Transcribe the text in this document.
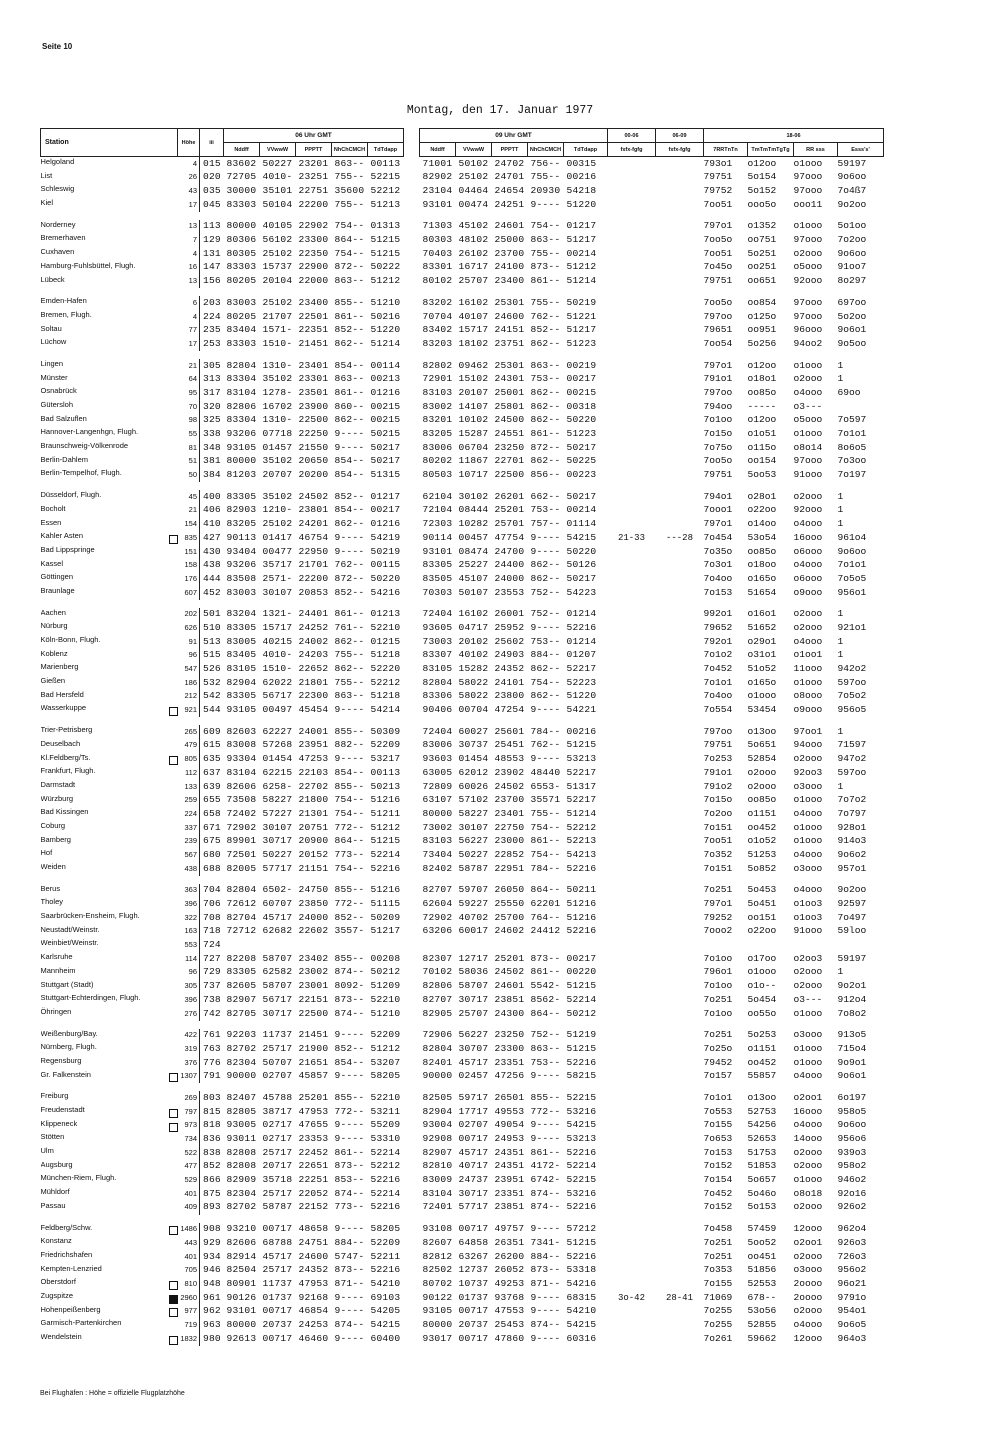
Seite 10
Montag, den 17. Januar 1977
Station	Höhe	iii	06 Uhr GMT						09 Uhr GMT					00-06	06-09	18-06			
			Nddff	VVwwW	PPPTT	NhChCMCH	TdTdapp		Nddff	VVwwW	PPPTT	NhChCMCH	TdTdapp	fxfx-fgfg	fxfx-fgfg	7RRTnTn	TmTmTmTgTg	RR sss	Esss's'
Helgoland	4	015	83602	50227	23201	863--	00113		71001	50102	24702	756--	00315			793o1	o12oo	o1ooo	59197
List	26	020	72705	4010-	23251	755--	52215		82902	25102	24701	755--	00216			79751	5o154	97ooo	9o6oo
Schleswig	43	035	30000	35101	22751	35600	52212		23104	04464	24654	20930	54218			79752	5o152	97ooo	7o4ß7
Kiel	17	045	83303	50104	22200	755--	51213		93101	00474	24251	9----	51220			7oo51	ooo5o	ooo11	9o2oo

Norderney	13	113	80000	40105	22902	754--	01313		71303	45102	24601	754--	01217			797o1	o1352	o1ooo	5o1oo
Bremerhaven	7	129	80306	56102	23300	864--	51215		80303	48102	25000	863--	51217			7oo5o	oo751	97ooo	7o2oo
Cuxhaven	4	131	80305	25102	22350	754--	51215		70403	26102	23700	755--	00214			7oo51	5o251	o2ooo	9o6oo
Hamburg-Fuhlsbüttel, Flugh.	16	147	83303	15737	22900	872--	50222		83301	16717	24100	873--	51212			7o45o	oo251	o5ooo	91oo7
Lübeck	13	156	80205	20104	22000	863--	51212		80102	25707	23400	861--	51214			79751	oo651	92ooo	8o297

Emden-Hafen	6	203	83003	25102	23400	855--	51210		83202	16102	25301	755--	50219			7oo5o	oo854	97ooo	697oo
Bremen, Flugh.	4	224	80205	21707	22501	861--	50216		70704	40107	24600	762--	51221			797oo	o125o	97ooo	5o2oo
Soltau	77	235	83404	1571-	22351	852--	51220		83402	15717	24151	852--	51217			79651	oo951	96ooo	9o6o1
Lüchow	17	253	83303	1510-	21451	862--	51214		83203	18102	23751	862--	51223			7oo54	5o256	94oo2	9o5oo

Lingen	21	305	82804	1310-	23401	854--	00114		82802	09462	25301	863--	00219			797o1	o12oo	o1ooo	1
Münster	64	313	83304	35102	23301	863--	00213		72901	15102	24301	753--	00217			791o1	o18o1	o2ooo	1
Osnabrück	95	317	83104	1278-	23501	861--	01216		83103	20107	25001	862--	00215			797oo	oo85o	o4ooo	69oo
Gütersloh	70	320	82806	16702	23900	860--	00215		83002	14107	25801	862--	00318			794oo	-----	o3---	
Bad Salzuflen	98	325	83304	1310-	22500	862--	00215		83201	10102	24500	862--	50220			7o1oo	o12oo	o5ooo	7o597
Hannover-Langenhgn, Flugh.	55	338	93206	07718	22250	9----	50215		83205	15287	24551	861--	51223			7o15o	o1o51	o1ooo	7o1o1
Braunschweig-Völkenrode	81	348	93105	01457	21550	9----	50217		83006	06704	23250	872--	50217			7o75o	o115o	o8o14	8o6o5
Berlin-Dahlem	51	381	80000	35102	20650	854--	50217		80202	11867	22701	862--	50225			7oo5o	oo154	97ooo	7o3oo
Berlin-Tempelhof, Flugh.	50	384	81203	20707	20200	854--	51315		80503	10717	22500	856--	00223			79751	5oo53	91ooo	7o197

Düsseldorf, Flugh.	45	400	83305	35102	24502	852--	01217		62104	30102	26201	662--	50217			794o1	o28o1	o2ooo	1
Bocholt	21	406	82903	1210-	23801	854--	00217		72104	08444	25201	753--	00214			7ooo1	o22oo	92ooo	1
Essen	154	410	83205	25102	24201	862--	01216		72303	10282	25701	757--	01114			797o1	o14oo	o4ooo	1
Kahler Asten	835	427	90113	01417	46754	9----	54219		90114	00457	47754	9----	54215	21-33	---28	7o454	53o54	16ooo	961o4
Bad Lippspringe	151	430	93404	00477	22950	9----	50219		93101	08474	24700	9----	50220			7o35o	oo85o	o6ooo	9o6oo
Kassel	158	438	93206	35717	21701	762--	00115		83305	25227	24400	862--	50126			7o3o1	o18oo	o4ooo	7o1o1
Göttingen	176	444	83508	2571-	22200	872--	50220		83505	45107	24000	862--	50217			7o4oo	o165o	o6ooo	7o5o5
Braunlage	607	452	83003	30107	20853	852--	54216		70303	50107	23553	752--	54223			7o153	51654	o9ooo	956o1

Aachen	202	501	83204	1321-	24401	861--	01213		72404	16102	26001	752--	01214			992o1	o16o1	o2ooo	1
Nürburg	626	510	83305	15717	24252	761--	52210		93605	04717	25952	9----	52216			79652	51652	o2ooo	921o1
Köln-Bonn, Flugh.	91	513	83005	40215	24002	862--	01215		73003	20102	25602	753--	01214			792o1	o29o1	o4ooo	1
Koblenz	96	515	83405	4010-	24203	755--	51218		83307	40102	24903	884--	01207			7o1o2	o31o1	o1oo1	1
Marienberg	547	526	83105	1510-	22652	862--	52220		83105	15282	24352	862--	52217			7o452	51o52	11ooo	942o2
Gießen	186	532	82904	62022	21801	755--	52212		82804	58022	24101	754--	52223			7o1o1	o165o	o1ooo	597oo
Bad Hersfeld	212	542	83305	56717	22300	863--	51218		83306	58022	23800	862--	51220			7o4oo	o1ooo	o8ooo	7o5o2
Wasserkuppe	921	544	93105	00497	45454	9----	54214		90406	00704	47254	9----	54221			7o554	53454	o9ooo	956o5

Trier-Petrisberg	265	609	82603	62227	24001	855--	50309		72404	60027	25601	784--	00216			797oo	o13oo	97oo1	1
Deuselbach	479	615	83008	57268	23951	882--	52209		83006	30737	25451	762--	51215			79751	5o651	94ooo	71597
Kl.Feldberg/Ts.	805	635	93304	01454	47253	9----	53217		93603	01454	48553	9----	53213			7o253	52854	o2ooo	947o2
Frankfurt, Flugh.	112	637	83104	62215	22103	854--	00113		63005	62012	23902	48440	52217			791o1	o2ooo	92oo3	597oo
Darmstadt	133	639	82606	6258-	22702	855--	50213		72809	60026	24502	6553-	51317			791o2	o2ooo	o3ooo	1
Würzburg	259	655	73508	58227	21800	754--	51216		63107	57102	23700	35571	52217			7o15o	oo85o	o1ooo	7o7o2
Bad Kissingen	224	658	72402	57227	21301	754--	51211		80000	58227	23401	755--	51214			7o2oo	o1151	o4ooo	7o797
Coburg	337	671	72902	30107	20751	772--	51212		73002	30107	22750	754--	52212			7o151	oo452	o1ooo	928o1
Bamberg	239	675	89901	30717	20900	864--	51215		83103	56227	23000	861--	52213			7oo51	o1o52	o1ooo	914o3
Hof	567	680	72501	50227	20152	773--	52214		73404	50227	22852	754--	54213			7o352	51253	o4ooo	9o6o2
Weiden	438	688	82005	57717	21151	754--	52216		82402	58787	22951	784--	52216			7o151	5o852	o3ooo	957o1

Berus	363	704	82804	6502-	24750	855--	51216		82707	59707	26050	864--	50211			7o251	5o453	o4ooo	9o2oo
Tholey	396	706	72612	60707	23850	772--	51115		62604	59227	25550	62201	51216			797o1	5o451	o1oo3	92597
Saarbrücken-Ensheim, Flugh.	322	708	82704	45717	24000	852--	50209		72902	40702	25700	764--	51216			79252	oo151	o1oo3	7o497
Neustadt/Weinstr.	163	718	72712	62682	22602	3557-	51217		63206	60017	24602	24412	52216			7ooo2	o22oo	91ooo	59loo
Weinbiet/Weinstr.	553	724																	
Karlsruhe	114	727	82208	58707	23402	855--	00208		82307	12717	25201	873--	00217			7o1oo	o17oo	o2oo3	59197
Mannheim	96	729	83305	62582	23002	874--	50212		70102	58036	24502	861--	00220			796o1	o1ooo	o2ooo	1
Stuttgart (Stadt)	305	737	82605	58707	23001	8092-	51209		82806	58707	24601	5542-	51215			7o1oo	o1o--	o2ooo	9o2o1
Stuttgart-Echterdingen, Flugh.	396	738	82907	56717	22151	873--	52210		82707	30717	23851	8562-	52214			7o251	5o454	o3---	912o4
Öhringen	276	742	82705	30717	22500	874--	51210		82905	25707	24300	864--	50212			7o1oo	oo55o	o1ooo	7o8o2

Weißenburg/Bay.	422	761	92203	11737	21451	9----	52209		72906	56227	23250	752--	51219			7o251	5o253	o3ooo	913o5
Nürnberg, Flugh.	319	763	82702	25717	21900	852--	51212		82804	30707	23300	863--	51215			7o25o	o1151	o1ooo	715o4
Regensburg	376	776	82304	50707	21651	854--	53207		82401	45717	23351	753--	52216			79452	oo452	o1ooo	9o9o1
Gr. Falkenstein	1307	791	90000	02707	45857	9----	58205		90000	02457	47256	9----	58215			7o157	55857	o4ooo	9o6o1

Freiburg	269	803	82407	45788	25201	855--	52210		82505	59717	26501	855--	52215			7o1o1	o13oo	o2oo1	6o197
Freudenstadt	797	815	82805	38717	47953	772--	53211		82904	17717	49553	772--	53216			7o553	52753	16ooo	958o5
Klippeneck	973	818	93005	02717	47655	9----	55209		93004	02707	49054	9----	54215			7o155	54256	o4ooo	9o6oo
Stötten	734	836	93011	02717	23353	9----	53310		92908	00717	24953	9----	53213			7o653	52653	14ooo	956o6
Ulm	522	838	82808	25717	22452	861--	52214		82907	45717	24351	861--	52216			7o153	51753	o2ooo	939o3
Augsburg	477	852	82808	20717	22651	873--	52212		82810	40717	24351	4172-	52214			7o152	51853	o2ooo	958o2
München-Riem, Flugh.	529	866	82909	35718	22251	853--	52216		83009	24737	23951	6742-	52215			7o154	5o657	o1ooo	946o2
Mühldorf	401	875	82304	25717	22052	874--	52214		83104	30717	23351	874--	53216			7o452	5o46o	o8o18	92o16
Passau	409	893	82702	58787	22152	773--	52216		72401	57717	23851	874--	52216			7o152	5o153	o2ooo	926o2

Feldberg/Schw.	1486	908	93210	00717	48658	9----	58205		93108	00717	49757	9----	57212			7o458	57459	12ooo	962o4
Konstanz	443	929	82606	68788	24751	884--	52209		82607	64858	26351	7341-	51215			7o251	5oo52	o2oo1	926o3
Friedrichshafen	401	934	82914	45717	24600	5747-	52211		82812	63267	26200	884--	52216			7o251	oo451	o2ooo	726o3
Kempten-Lenzried	705	946	82504	25717	24352	873--	52216		82502	12737	26052	873--	53318			7o353	51856	o3ooo	956o2
Oberstdorf	810	948	80901	11737	47953	871--	54210		80702	10737	49253	871--	54216			7o155	52553	2oooo	96o21
Zugspitze	2960	961	90126	01737	92168	9----	69103		90122	01737	93768	9----	68315	3o-42	28-41	71069	678--	2oooo	9791o
Hohenpeißenberg	977	962	93101	00717	46854	9----	54205		93105	00717	47553	9----	54210			7o255	53o56	o2ooo	954o1
Garmisch-Partenkirchen	719	963	80000	20737	24253	874--	54215		80000	20737	25453	874--	54215			7o255	52855	o4ooo	9o6o5
Wendelstein	1832	980	92613	00717	46460	9----	60400		93017	00717	47860	9----	60316			7o261	59662	12ooo	964o3
Bei Flughäfen : Höhe = offizielle Flugplatzhöhe
